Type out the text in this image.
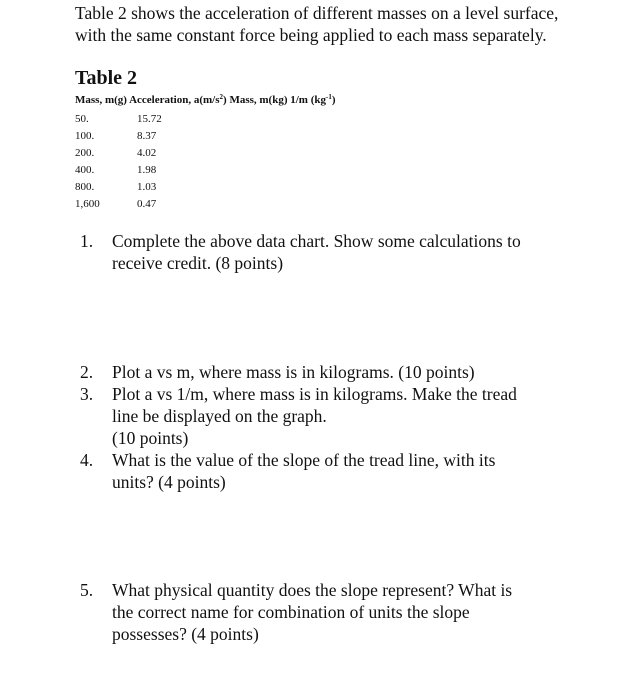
Table 2 shows the acceleration of different masses on a level surface, with the same constant force being applied to each mass separately.

Table 2
Mass, m(g) Acceleration, $a(m/s^2)$ Mass, m(kg) 1/m $(kg^{-1})$
50.	15.72
100.	8.37
200.	4.02
400.	1.98
800.	1.03
1,600	0.47
1. Complete the above data chart. Show some calculations to
receive credit. (8 points)
2. Plot a vs m, where mass is in kilograms. (10 points)
3. Plot a vs 1/m, where mass is in kilograms. Make the tread
line be displayed on the graph.
(10 points)
4. What is the value of the slope of the tread line, with its
units? (4 points)
5. What physical quantity does the slope represent? What is
the correct name for combination of units the slope
possesses? (4 points)
